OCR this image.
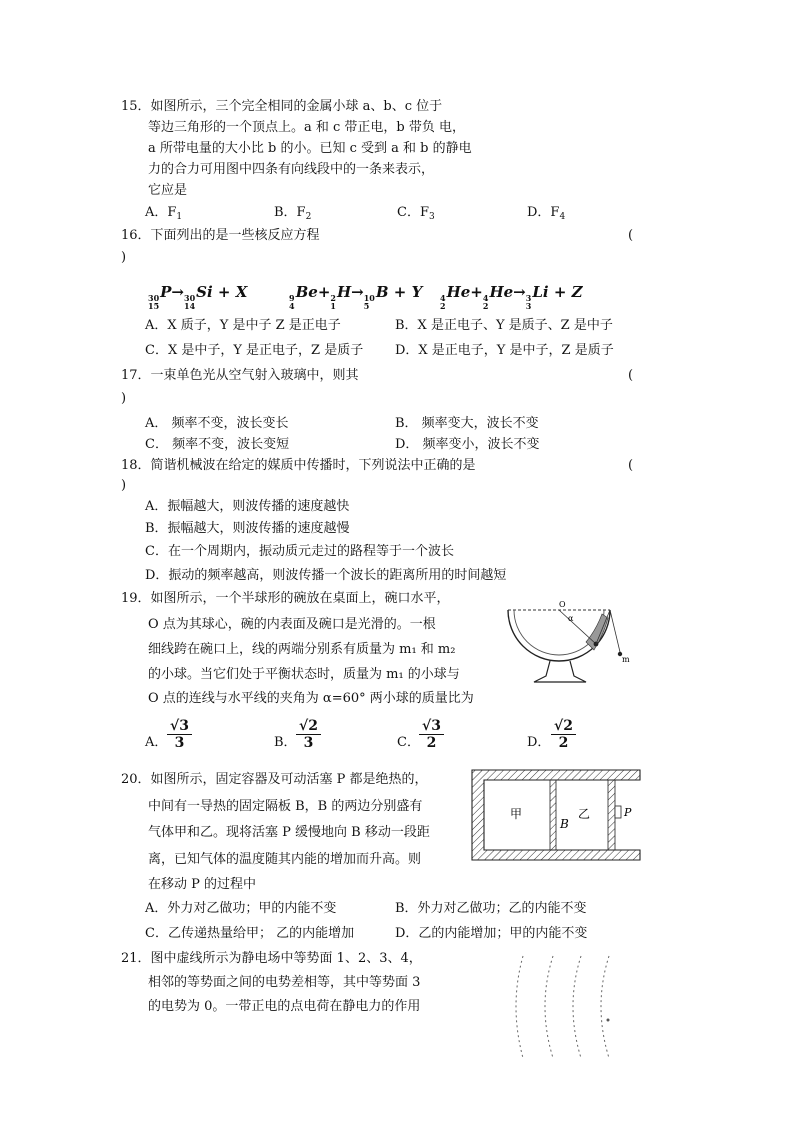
15．如图所示，三个完全相同的金属小球 a、b、c 位于
等边三角形的一个顶点上。a 和 c 带正电，b 带负 电，
a 所带电量的大小比 b 的小。已知 c 受到 a 和 b 的静电
力的合力可用图中四条有向线段中的一条来表示，
它应是
A．$F_1$	B．$F_2$	C．$F_3$	D．$F_4$
16．下面列出的是一些核反应方程	(
)
30
15
P→ 30
14
Si + X	9
4
Be+ 2
1
H→ 10
5
B + Y 4
2
He+ 4
2
He→ 3
3
Li + Z
A．X 质子，Y 是中子 Z 是正电子	B．X 是正电子、Y 是质子、Z 是中子
C．X 是中子，Y 是正电子，Z 是质子 D．X 是正电子，Y 是中子，Z 是质子
17．一束单色光从空气射入玻璃中，则其	(
)
A． 频率不变，波长变长	B． 频率变大，波长不变
C． 频率不变，波长变短	D． 频率变小，波长不变
18．简谐机械波在给定的媒质中传播时，下列说法中正确的是	(
)
A．振幅越大，则波传播的速度越快
B．振幅越大，则波传播的速度越慢
C．在一个周期内，振动质元走过的路程等于一个波长
D．振动的频率越高，则波传播一个波长的距离所用的时间越短
19．如图所示，一个半球形的碗放在桌面上，碗口水平，
O 点为其球心，碗的内表面及碗口是光滑的。一根
细线跨在碗口上，线的两端分别系有质量为 m₁ 和 m₂
的小球。当它们处于平衡状态时，质量为 m₁ 的小球与
O 点的连线与水平线的夹角为 α=60° 两小球的质量比为
A． $\frac{√3}{3}$	B． $\frac{√2}{3}$	C． $\frac{√3}{2}$	D． $\frac{√2}{2}$
m
O
α
20．如图所示，固定容器及可动活塞 P 都是绝热的，
中间有一导热的固定隔板 B，B 的两边分别盛有
气体甲和乙。现将活塞 P 缓慢地向 B 移动一段距
离，已知气体的温度随其内能的增加而升高。则
在移动 P 的过程中
A．外力对乙做功；甲的内能不变	B．外力对乙做功；乙的内能不变
C．乙传递热量给甲； 乙的内能增加	D．乙的内能增加；甲的内能不变
甲	乙
B
P
21．图中虚线所示为静电场中等势面 1、2、3、4，
相邻的等势面之间的电势差相等，其中等势面 3
的电势为 0。一带正电的点电荷在静电力的作用
